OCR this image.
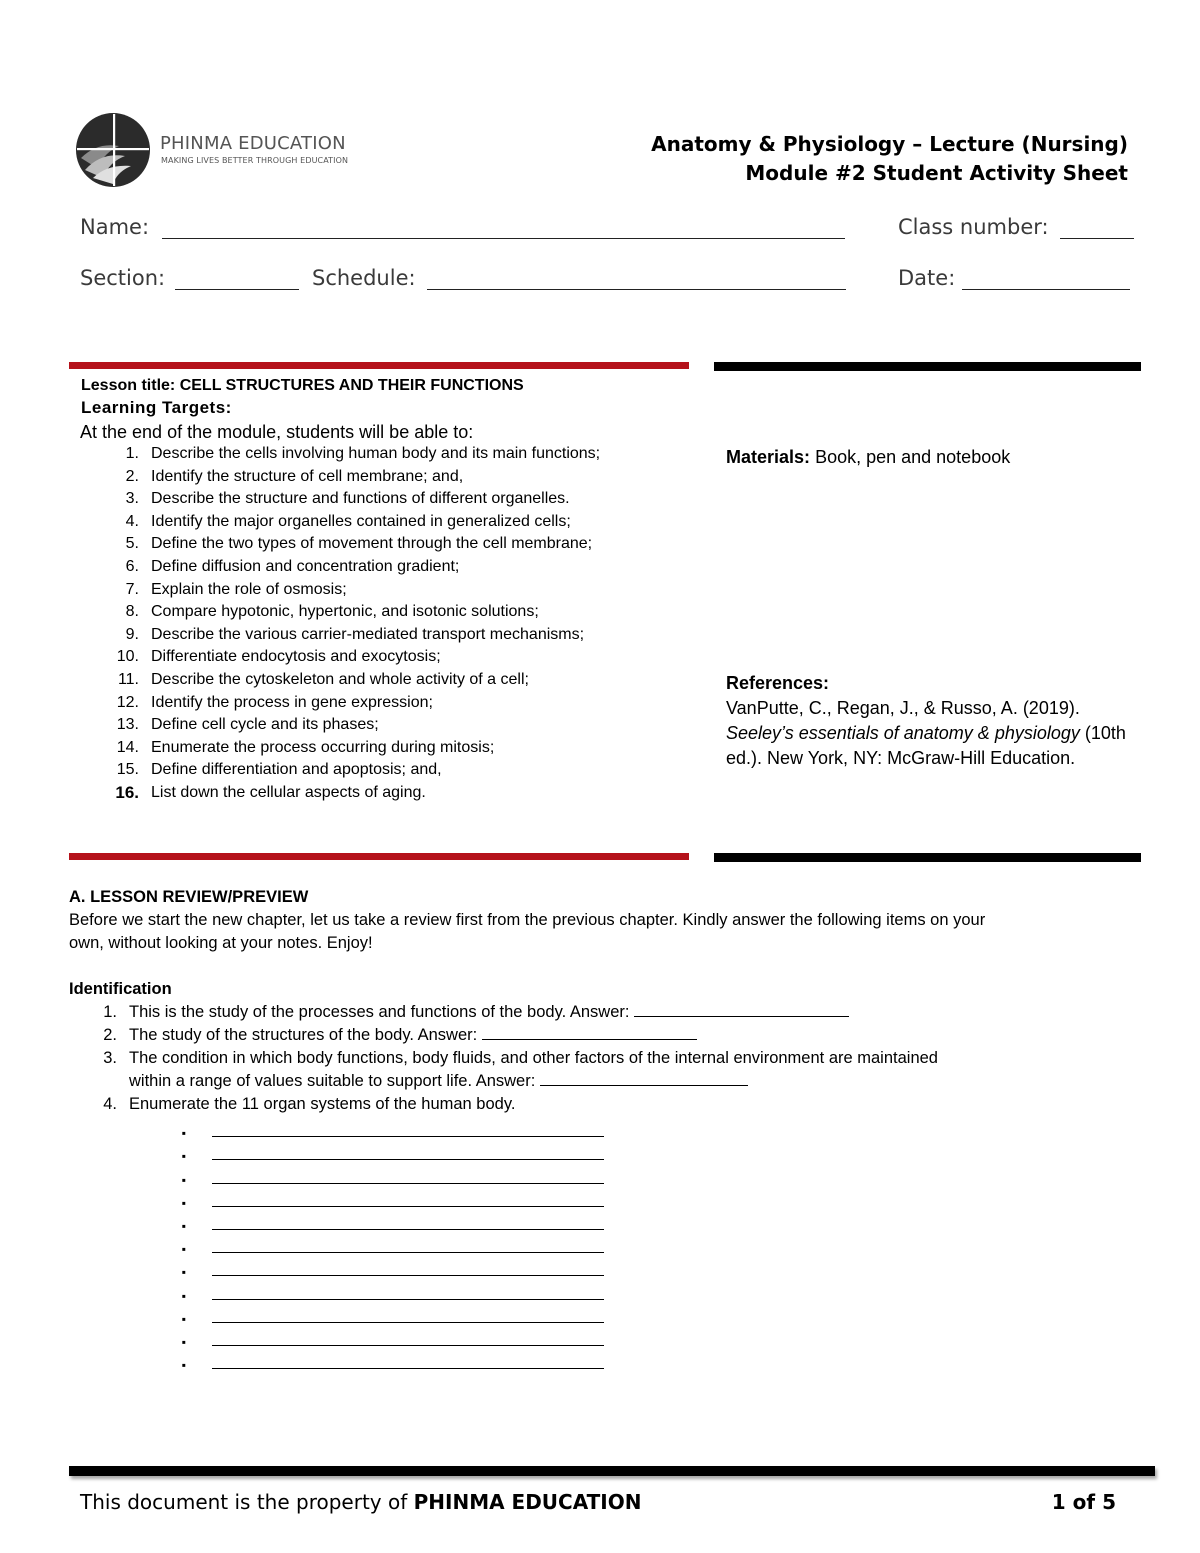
PHINMA EDUCATION
MAKING LIVES BETTER THROUGH EDUCATION
Anatomy & Physiology – Lecture (Nursing)
Module #2 Student Activity Sheet
Name:	Class number:
Section:	Schedule:	Date:
Lesson title: CELL STRUCTURES AND THEIR FUNCTIONS
Learning Targets:
At the end of the module, students will be able to:
1. Describe the cells involving human body and its main functions;
2. Identify the structure of cell membrane; and,
3. Describe the structure and functions of different organelles.
4. Identify the major organelles contained in generalized cells;
5. Define the two types of movement through the cell membrane;
6. Define diffusion and concentration gradient;
7. Explain the role of osmosis;
8. Compare hypotonic, hypertonic, and isotonic solutions;
9. Describe the various carrier-mediated transport mechanisms;
10. Differentiate endocytosis and exocytosis;
11. Describe the cytoskeleton and whole activity of a cell;
12. Identify the process in gene expression;
13. Define cell cycle and its phases;
14. Enumerate the process occurring during mitosis;
15. Define differentiation and apoptosis; and,
16. List down the cellular aspects of aging.
Materials: Book, pen and notebook
References:
VanPutte, C., Regan, J., & Russo, A. (2019). Seeley’s essentials of anatomy & physiology (10th ed.). New York, NY: McGraw-Hill Education.
A. LESSON REVIEW/PREVIEW
Before we start the new chapter, let us take a review first from the previous chapter. Kindly answer the following items on your own, without looking at your notes. Enjoy!
Identification
1. This is the study of the processes and functions of the body. Answer:
2. The study of the structures of the body. Answer:
3. The condition in which body functions, body fluids, and other factors of the internal environment are maintained within a range of values suitable to support life. Answer:
4. Enumerate the 11 organ systems of the human body.
▪
▪
▪
▪
▪
▪
▪
▪
▪
▪
▪
This document is the property of PHINMA EDUCATION	1 of 5
